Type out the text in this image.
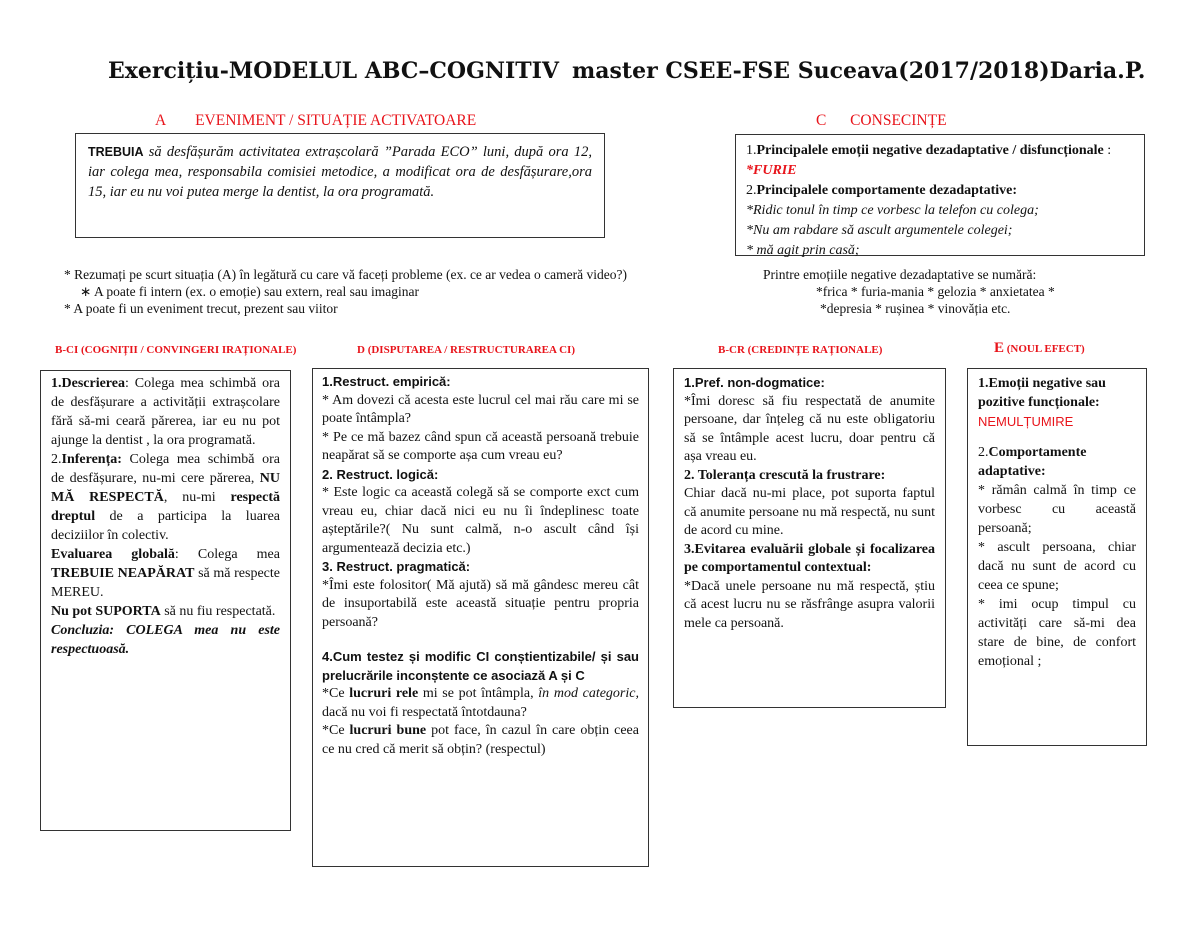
Exercițiu-MODELUL ABC–COGNITIV master CSEE-FSE Suceava(2017/2018)Daria.P.
A EVENIMENT / SITUAȚIE ACTIVATOARE	C CONSECINȚE

TREBUIA să desfășurăm activitatea extrașcolară ”Parada ECO” luni, după ora 12, iar colega mea, responsabila comisiei metodice, a modificat ora de desfășurare,ora 15, iar eu nu voi putea merge la dentist, la ora programată.

1.Principalele emoții negative dezadaptative / disfuncționale : *FURIE

2.Principalele comportamente dezadaptative:

*Ridic tonul în timp ce vorbesc la telefon cu colega;

*Nu am rabdare să ascult argumentele colegei;

* mă agit prin casă;

* Rezumați pe scurt situația (A) în legătură cu care vă faceți probleme (ex. ce ar vedea o cameră video?)
∗ A poate fi intern (ex. o emoție) sau extern, real sau imaginar
* A poate fi un eveniment trecut, prezent sau viitor
Printre emoțiile negative dezadaptative se numără:
*frica * furia-mania * gelozia * anxietatea *
*depresia * rușinea * vinovăția etc.
B-CI (COGNIȚII / CONVINGERI IRAȚIONALE)	D (DISPUTAREA / RESTRUCTURAREA CI)	B-CR (CREDINȚE RAȚIONALE)	E (NOUL EFECT)

1.Descrierea: Colega mea schimbă ora de desfășurare a activității extrașcolare fără să-mi ceară părerea, iar eu nu pot ajunge la dentist , la ora programată.

2.Inferența: Colega mea schimbă ora de desfășurare, nu-mi cere părerea, NU MĂ RESPECTĂ, nu-mi respectă dreptul de a participa la luarea deciziilor în colectiv.

Evaluarea globală: Colega mea TREBUIE NEAPĂRAT să mă respecte MEREU.

Nu pot SUPORTA să nu fiu respectată.

Concluzia: COLEGA mea nu este respectuoasă.

1.Restruct. empirică:

* Am dovezi că acesta este lucrul cel mai rău care mi se poate întâmpla?

* Pe ce mă bazez când spun că această persoană trebuie neapărat să se comporte așa cum vreau eu?

2. Restruct. logică:

* Este logic ca această colegă să se comporte exct cum vreau eu, chiar dacă nici eu nu îi îndeplinesc toate așteptările?( Nu sunt calmă, n-o ascult când își argumentează decizia etc.)

3. Restruct. pragmatică:

*Îmi este folositor( Mă ajută) să mă gândesc mereu cât de insuportabilă este această situație pentru propria persoană?

4.Cum testez și modific CI conștientizabile/ și sau prelucrările inconștente ce asociază A și C

*Ce lucruri rele mi se pot întâmpla, în mod categoric, dacă nu voi fi respectată întotdauna?

*Ce lucruri bune pot face, în cazul în care obțin ceea ce nu cred că merit să obțin? (respectul)

1.Pref. non-dogmatice:

*Îmi doresc să fiu respectată de anumite persoane, dar înțeleg că nu este obligatoriu să se întâmple acest lucru, doar pentru că așa vreau eu.

2. Toleranța crescută la frustrare:

Chiar dacă nu-mi place, pot suporta faptul că anumite persoane nu mă respectă, nu sunt de acord cu mine.

3.Evitarea evaluării globale și focalizarea pe comportamentul contextual:

*Dacă unele persoane nu mă respectă, știu că acest lucru nu se răsfrânge asupra valorii mele ca persoană.

1.Emoții negative sau pozitive funcționale:

NEMULȚUMIRE

2.Comportamente adaptative:

* rămân calmă în timp ce vorbesc cu această persoană;

* ascult persoana, chiar dacă nu sunt de acord cu ceea ce spune;

* imi ocup timpul cu activități care să-mi dea stare de bine, de confort emoțional ;
